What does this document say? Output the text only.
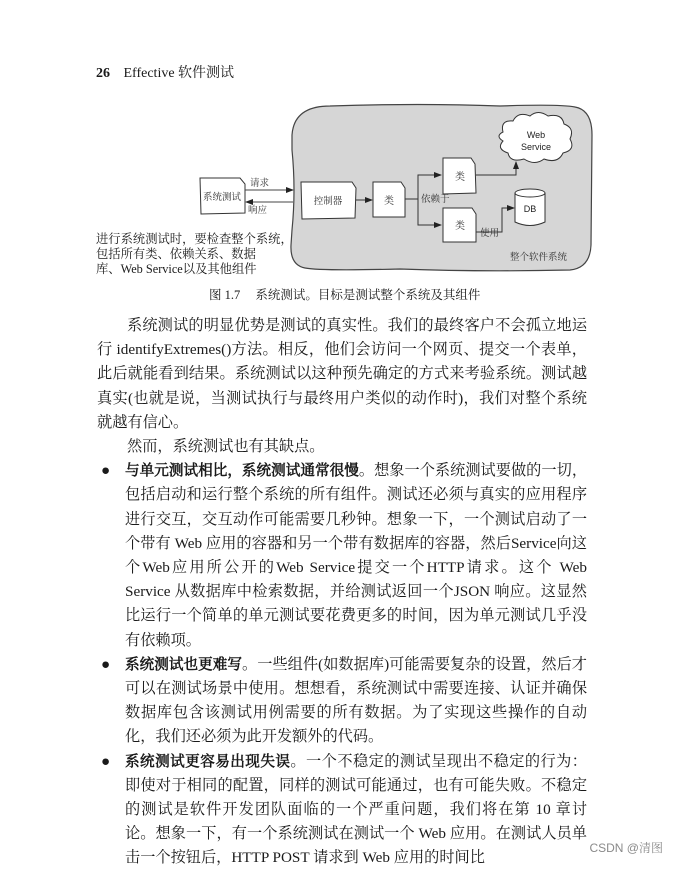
26 Effective 软件测试
系统测试
请求
响应
控制器	类	依赖于
类
类
Web
Service
使用
DB
整个软件系统
进行系统测试时，要检查整个系统，
包括所有类、依赖关系、数据
库、Web Service以及其他组件
图 1.7 系统测试。目标是测试整个系统及其组件

系统测试的明显优势是测试的真实性。我们的最终客户不会孤立地运行 identifyExtremes()方法。相反，他们会访问一个网页、提交一个表单，此后就能看到结果。系统测试以这种预先确定的方式来考验系统。测试越真实(也就是说，当测试执行与最终用户类似的动作时)，我们对整个系统就越有信心。

然而，系统测试也有其缺点。

● 与单元测试相比，系统测试通常很慢。想象一个系统测试要做的一切，包括启动和运行整个系统的所有组件。测试还必须与真实的应用程序进行交互，交互动作可能需要几秒钟。想象一下，一个测试启动了一个带有 Web 应用的容器和另一个带有数据库的容器，然后Service向这个Web应用所公开的Web Service提交一个HTTP请求。这个 Web Service 从数据库中检索数据，并给测试返回一个JSON 响应。这显然比运行一个简单的单元测试要花费更多的时间，因为单元测试几乎没有依赖项。
● 系统测试也更难写。一些组件(如数据库)可能需要复杂的设置，然后才可以在测试场景中使用。想想看，系统测试中需要连接、认证并确保数据库包含该测试用例需要的所有数据。为了实现这些操作的自动化，我们还必须为此开发额外的代码。
● 系统测试更容易出现失误。一个不稳定的测试呈现出不稳定的行为：即使对于相同的配置，同样的测试可能通过，也有可能失败。不稳定的测试是软件开发团队面临的一个严重问题，我们将在第 10 章讨论。想象一下，有一个系统测试在测试一个 Web 应用。在测试人员单击一个按钮后，HTTP POST 请求到 Web 应用的时间比
CSDN @清图
